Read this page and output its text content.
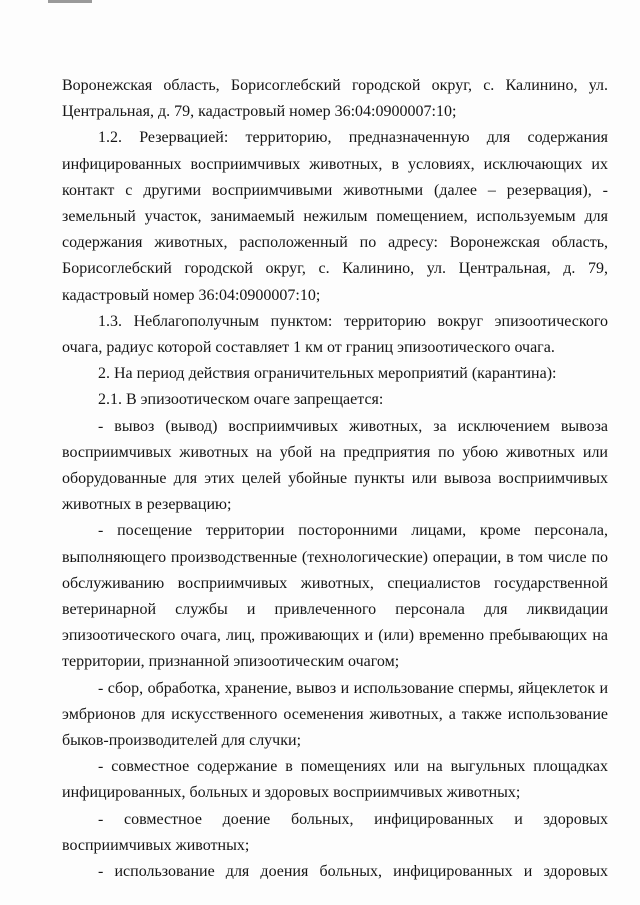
Воронежская область, Борисоглебский городской округ, с. Калинино, ул. Центральная, д. 79, кадастровый номер 36:04:0900007:10;

1.2. Резервацией: территорию, предназначенную для содержания инфицированных восприимчивых животных, в условиях, исключающих их контакт с другими восприимчивыми животными (далее – резервация), - земельный участок, занимаемый нежилым помещением, используемым для содержания животных, расположенный по адресу: Воронежская область, Борисоглебский городской округ, с. Калинино, ул. Центральная, д. 79, кадастровый номер 36:04:0900007:10;

1.3. Неблагополучным пунктом: территорию вокруг эпизоотического очага, радиус которой составляет 1 км от границ эпизоотического очага.

2. На период действия ограничительных мероприятий (карантина):

2.1. В эпизоотическом очаге запрещается:

- вывоз (вывод) восприимчивых животных, за исключением вывоза восприимчивых животных на убой на предприятия по убою животных или оборудованные для этих целей убойные пункты или вывоза восприимчивых животных в резервацию;

- посещение территории посторонними лицами, кроме персонала, выполняющего производственные (технологические) операции, в том числе по обслуживанию восприимчивых животных, специалистов государственной ветеринарной службы и привлеченного персонала для ликвидации эпизоотического очага, лиц, проживающих и (или) временно пребывающих на территории, признанной эпизоотическим очагом;

- сбор, обработка, хранение, вывоз и использование спермы, яйцеклеток и эмбрионов для искусственного осеменения животных, а также использование быков-производителей для случки;

- совместное содержание в помещениях или на выгульных площадках инфицированных, больных и здоровых восприимчивых животных;

- совместное доение больных, инфицированных и здоровых восприимчивых животных;

- использование для доения больных, инфицированных и здоровых
